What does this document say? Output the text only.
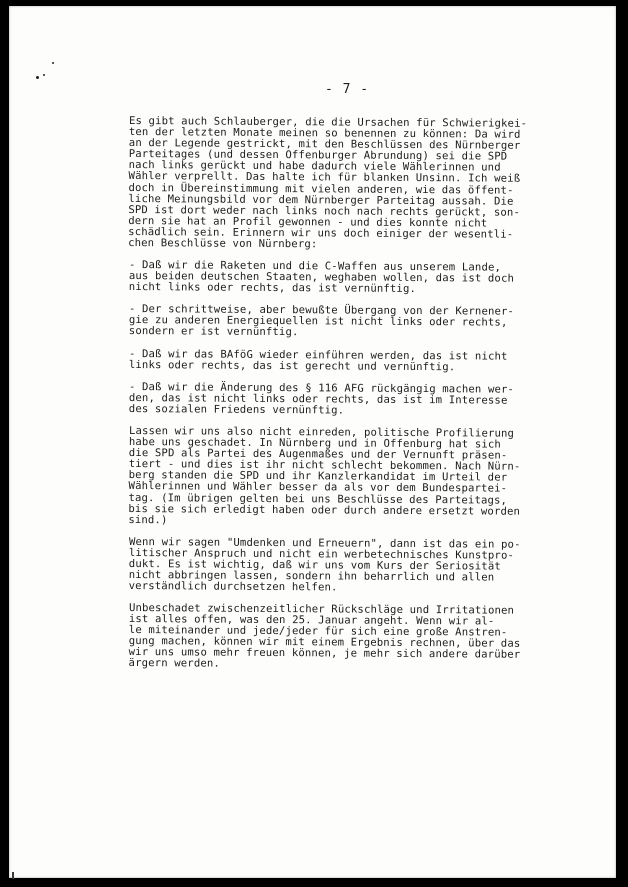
- 7 -

Es gibt auch Schlauberger, die die Ursachen für Schwierigkei-
ten der letzten Monate meinen so benennen zu können: Da wird
an der Legende gestrickt, mit den Beschlüssen des Nürnberger
Parteitages (und dessen Offenburger Abrundung) sei die SPD
nach links gerückt und habe dadurch viele Wählerinnen und
Wähler verprellt. Das halte ich für blanken Unsinn. Ich weiß
doch in Übereinstimmung mit vielen anderen, wie das öffent-
liche Meinungsbild vor dem Nürnberger Parteitag aussah. Die
SPD ist dort weder nach links noch nach rechts gerückt, son-
dern sie hat an Profil gewonnen - und dies konnte nicht
schädlich sein. Erinnern wir uns doch einiger der wesentli-
chen Beschlüsse von Nürnberg:

- Daß wir die Raketen und die C-Waffen aus unserem Lande,
aus beiden deutschen Staaten, weghaben wollen, das ist doch
nicht links oder rechts, das ist vernünftig.

- Der schrittweise, aber bewußte Übergang von der Kernener-
gie zu anderen Energiequellen ist nicht links oder rechts,
sondern er ist vernünftig.

- Daß wir das BAföG wieder einführen werden, das ist nicht
links oder rechts, das ist gerecht und vernünftig.

- Daß wir die Änderung des § 116 AFG rückgängig machen wer-
den, das ist nicht links oder rechts, das ist im Interesse
des sozialen Friedens vernünftig.

Lassen wir uns also nicht einreden, politische Profilierung
habe uns geschadet. In Nürnberg und in Offenburg hat sich
die SPD als Partei des Augenmaßes und der Vernunft präsen-
tiert - und dies ist ihr nicht schlecht bekommen. Nach Nürn-
berg standen die SPD und ihr Kanzlerkandidat im Urteil der
Wählerinnen und Wähler besser da als vor dem Bundespartei-
tag. (Im übrigen gelten bei uns Beschlüsse des Parteitags,
bis sie sich erledigt haben oder durch andere ersetzt worden
sind.)

Wenn wir sagen "Umdenken und Erneuern", dann ist das ein po-
litischer Anspruch und nicht ein werbetechnisches Kunstpro-
dukt. Es ist wichtig, daß wir uns vom Kurs der Seriosität
nicht abbringen lassen, sondern ihn beharrlich und allen
verständlich durchsetzen helfen.

Unbeschadet zwischenzeitlicher Rückschläge und Irritationen
ist alles offen, was den 25. Januar angeht. Wenn wir al-
le miteinander und jede/jeder für sich eine große Anstren-
gung machen, können wir mit einem Ergebnis rechnen, über das
wir uns umso mehr freuen können, je mehr sich andere darüber
ärgern werden.
